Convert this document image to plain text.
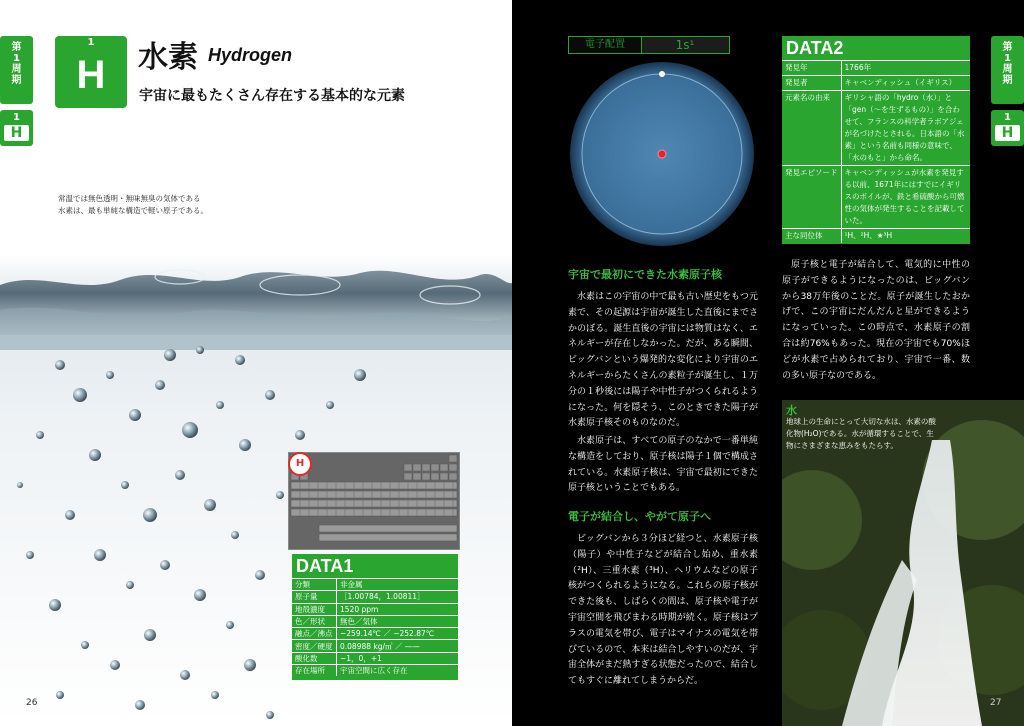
第1周期
1
H
1
H	水素 Hydrogen
宇宙に最もたくさん存在する基本的な元素
常温では無色透明・無味無臭の気体である
水素は、最も単純な構造で軽い原子である。
H
DATA1
分類	非金属
原子量	［1.00784，1.00811］
地殻濃度	1520 ppm
色／形状	無色／気体
融点／沸点	−259.14℃ ／ −252.87℃
密度／硬度	0.08988 kg/㎥ ／ ——
酸化数	−1，0，+1
存在場所	宇宙空間に広く存在
26
電子配置	1s¹	DATA2
発見年	1766年
発見者	キャベンディッシュ（イギリス）
元素名の由来	ギリシャ語の「hydro（水）」と「gen（〜を生ずるもの）」を合わせて、フランスの科学者ラボアジェが名づけたとされる。日本語の「水素」という名前も同様の意味で、「水のもと」から命名。
発見エピソード	キャベンディッシュが水素を発見する以前、1671年にはすでにイギリスのボイルが、鉄と希硫酸から可燃性の気体が発生することを記載していた。
主な同位体	¹H、²H、★³H
第1周期
1
H
宇宙で最初にできた水素原子核
水素はこの宇宙の中で最も古い歴史をもつ元素で、その起源は宇宙が誕生した直後にまでさかのぼる。誕生直後の宇宙には物質はなく、エネルギーが存在しなかった。だが、ある瞬間、ビッグバンという爆発的な変化により宇宙のエネルギーからたくさんの素粒子が誕生し、１万分の１秒後には陽子や中性子がつくられるようになった。何を隠そう、このときできた陽子が水素原子核そのものなのだ。
水素原子は、すべての原子のなかで一番単純な構造をしており、原子核は陽子１個で構成されている。水素原子核は、宇宙で最初にできた原子核ということでもある。
電子が結合し、やがて原子へ
ビッグバンから３分ほど経つと、水素原子核（陽子）や中性子などが結合し始め、重水素（²H）、三重水素（³H）、ヘリウムなどの原子核がつくられるようになる。これらの原子核ができた後も、しばらくの間は、原子核や電子が宇宙空間を飛びまわる時期が続く。原子核はプラスの電気を帯び、電子はマイナスの電気を帯びているので、本来は結合しやすいのだが、宇宙全体がまだ熱すぎる状態だったので、結合してもすぐに離れてしまうからだ。
原子核と電子が結合して、電気的に中性の原子ができるようになったのは、ビッグバンから38万年後のことだ。原子が誕生したおかげで、この宇宙にだんだんと星ができるようになっていった。この時点で、水素原子の割合は約76%もあった。現在の宇宙でも70%ほどが水素で占められており、宇宙で一番、数の多い原子なのである。
水
地球上の生命にとって大切な水は、水素の酸化物(H₂O)である。水が循環することで、生物にさまざまな恵みをもたらす。
27
